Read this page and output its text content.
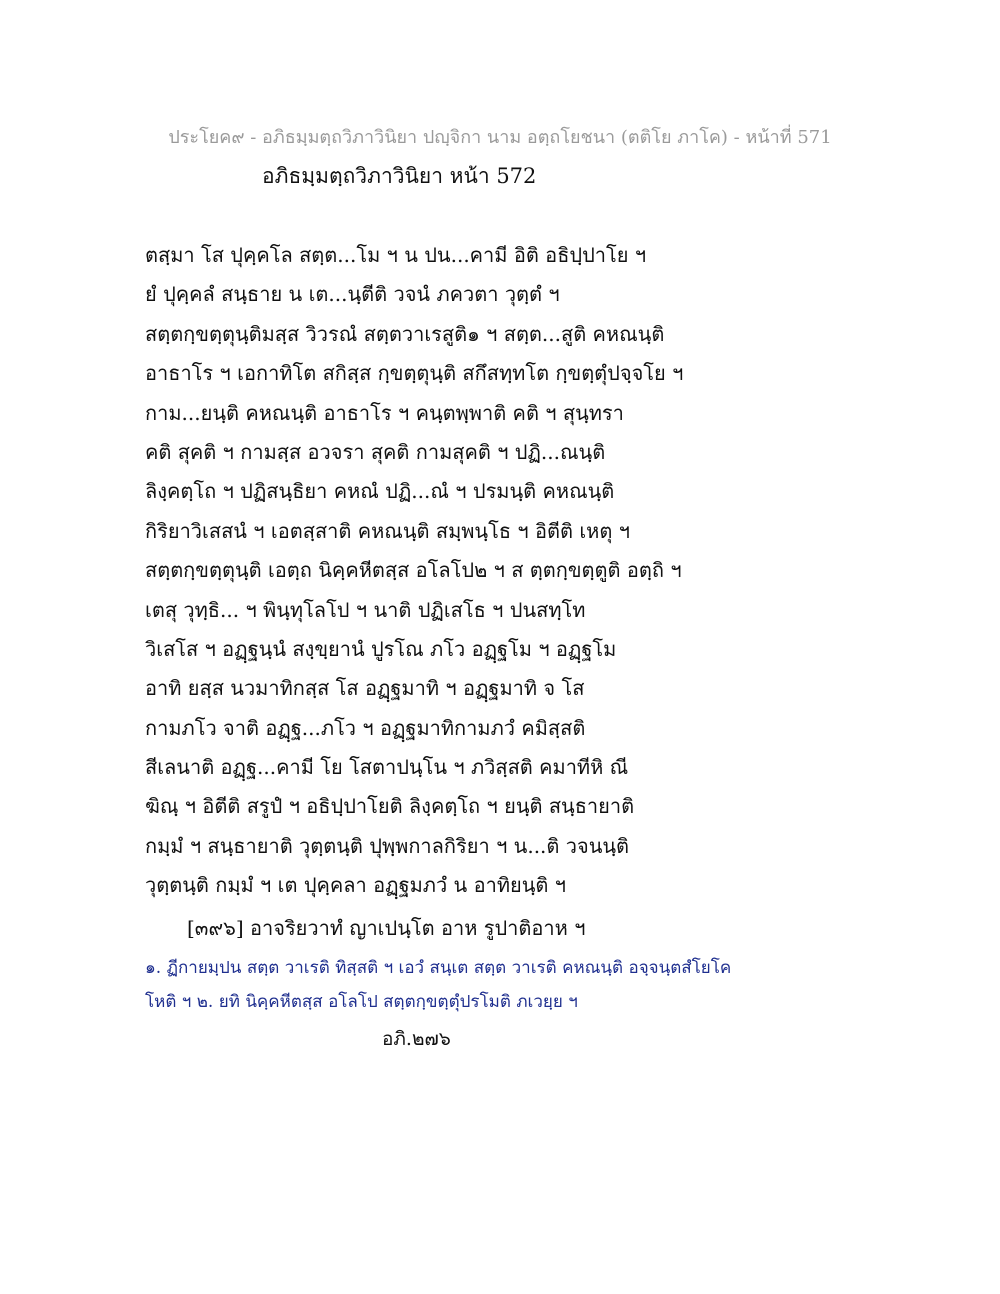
ประโยค๙ - อภิธมฺมตฺถวิภาวินิยา ปญฺจิกา นาม อตฺถโยชนา (ตติโย ภาโค) - หน้าที่ 571
อภิธมฺมตฺถวิภาวินิยา หน้า 572
ตสฺมา โส ปุคฺคโล สตฺต...โม ฯ น ปน...คามี อิติ อธิปฺปาโย ฯ
ยํ ปุคฺคลํ สนฺธาย น เต...นฺตีติ วจนํ ภควตา วุตฺตํ ฯ
สตฺตกฺขตฺตุนฺติมสฺส วิวรณํ สตฺตวาเรสูติ๑ ฯ สตฺต...สูติ คหณนฺติ
อาธาโร ฯ เอกาทิโต สกิสฺส กฺขตฺตุนฺติ สกึสทฺทโต กฺขตฺตุํปจฺจโย ฯ
กาม...ยนฺติ คหณนฺติ อาธาโร ฯ คนฺตพฺพาติ คติ ฯ สุนฺทรา
คติ สุคติ ฯ กามสฺส อวจรา สุคติ กามสุคติ ฯ ปฏิ...ณนฺติ
ลิงฺคตฺโถ ฯ ปฏิสนฺธิยา คหณํ ปฏิ...ณํ ฯ ปรมนฺติ คหณนฺติ
กิริยาวิเสสนํ ฯ เอตสฺสาติ คหณนฺติ สมฺพนฺโธ ฯ อิตีติ เหตุ ฯ
สตฺตกฺขตฺตุนฺติ เอตฺถ นิคฺคหีตสฺส อโลโป๒ ฯ ส ตฺตกฺขตฺตูติ อตฺถิ ฯ
เตสุ วุทฺธิ... ฯ พินฺทุโลโป ฯ นาติ ปฏิเสโธ ฯ ปนสทฺโท
วิเสโส ฯ อฏฺฐนฺนํ สงฺขฺยานํ ปูรโณ ภโว อฏฺฐโม ฯ อฏฺฐโม
อาทิ ยสฺส นวมาทิกสฺส โส อฏฺฐมาทิ ฯ อฏฺฐมาทิ จ โส
กามภโว จาติ อฏฺฐ...ภโว ฯ อฏฺฐมาทิกามภวํ คมิสฺสติ
สีเลนาติ อฏฺฐ...คามี โย โสตาปนฺโน ฯ ภวิสฺสติ คมาทีหิ ณี
ฆิณฺ ฯ อิตีติ สรูปํ ฯ อธิปฺปาโยติ ลิงฺคตฺโถ ฯ ยนฺติ สนฺธายาติ
กมฺมํ ฯ สนฺธายาติ วุตฺตนฺติ ปุพฺพกาลกิริยา ฯ น...ติ วจนนฺติ
วุตฺตนฺติ กมฺมํ ฯ เต ปุคฺคลา อฏฺฐมภวํ น อาทิยนฺติ ฯ
[๓๙๖] อาจริยวาทํ ญาเปนฺโต อาห รูปาติอาห ฯ
๑. ฏีกายมฺปน สตฺต วาเรติ ทิสฺสติ ฯ เอวํ สนฺเต สตฺต วาเรติ คหณนฺติ อจฺจนฺตสํโยโค
โหติ ฯ ๒. ยทิ นิคฺคหีตสฺส อโลโป สตฺตกฺขตฺตุํปรโมติ ภเวยฺย ฯ
อภิ.๒๗๖
